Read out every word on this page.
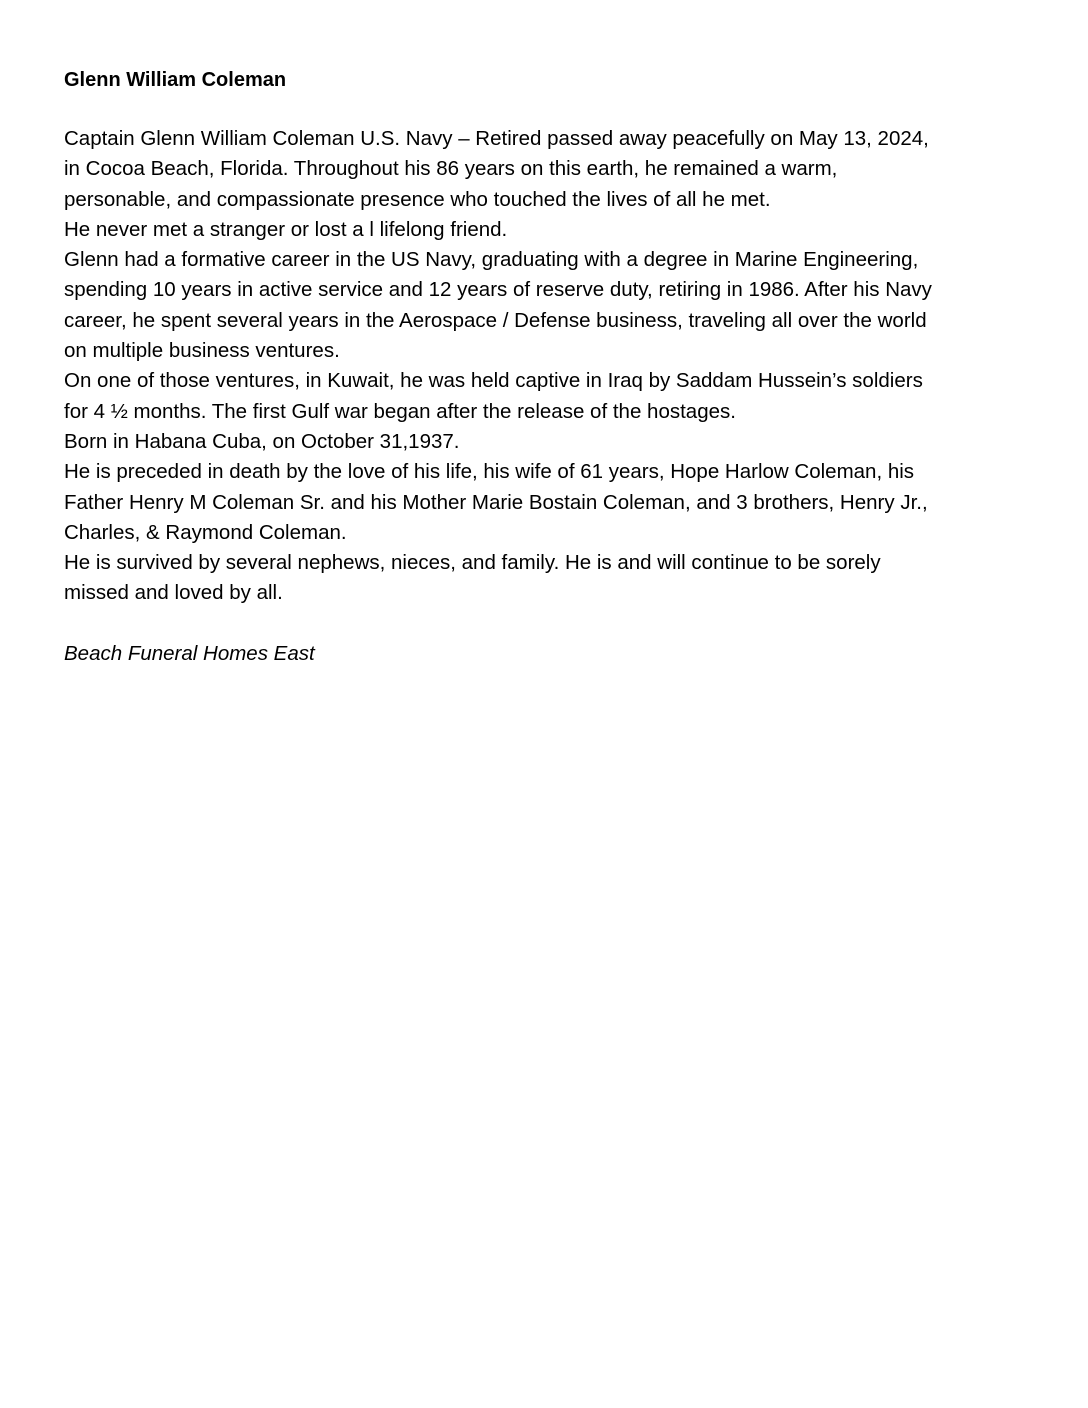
Glenn William Coleman

Captain Glenn William Coleman U.S. Navy – Retired passed away peacefully on May 13, 2024,

in Cocoa Beach, Florida. Throughout his 86 years on this earth, he remained a warm,

personable, and compassionate presence who touched the lives of all he met.

He never met a stranger or lost a l lifelong friend.

Glenn had a formative career in the US Navy, graduating with a degree in Marine Engineering,

spending 10 years in active service and 12 years of reserve duty, retiring in 1986. After his Navy

career, he spent several years in the Aerospace / Defense business, traveling all over the world

on multiple business ventures.

On one of those ventures, in Kuwait, he was held captive in Iraq by Saddam Hussein’s soldiers

for 4 ½ months. The first Gulf war began after the release of the hostages.

Born in Habana Cuba, on October 31,1937.

He is preceded in death by the love of his life, his wife of 61 years, Hope Harlow Coleman, his

Father Henry M Coleman Sr. and his Mother Marie Bostain Coleman, and 3 brothers, Henry Jr.,

Charles, & Raymond Coleman.

He is survived by several nephews, nieces, and family. He is and will continue to be sorely

missed and loved by all.

Beach Funeral Homes East
